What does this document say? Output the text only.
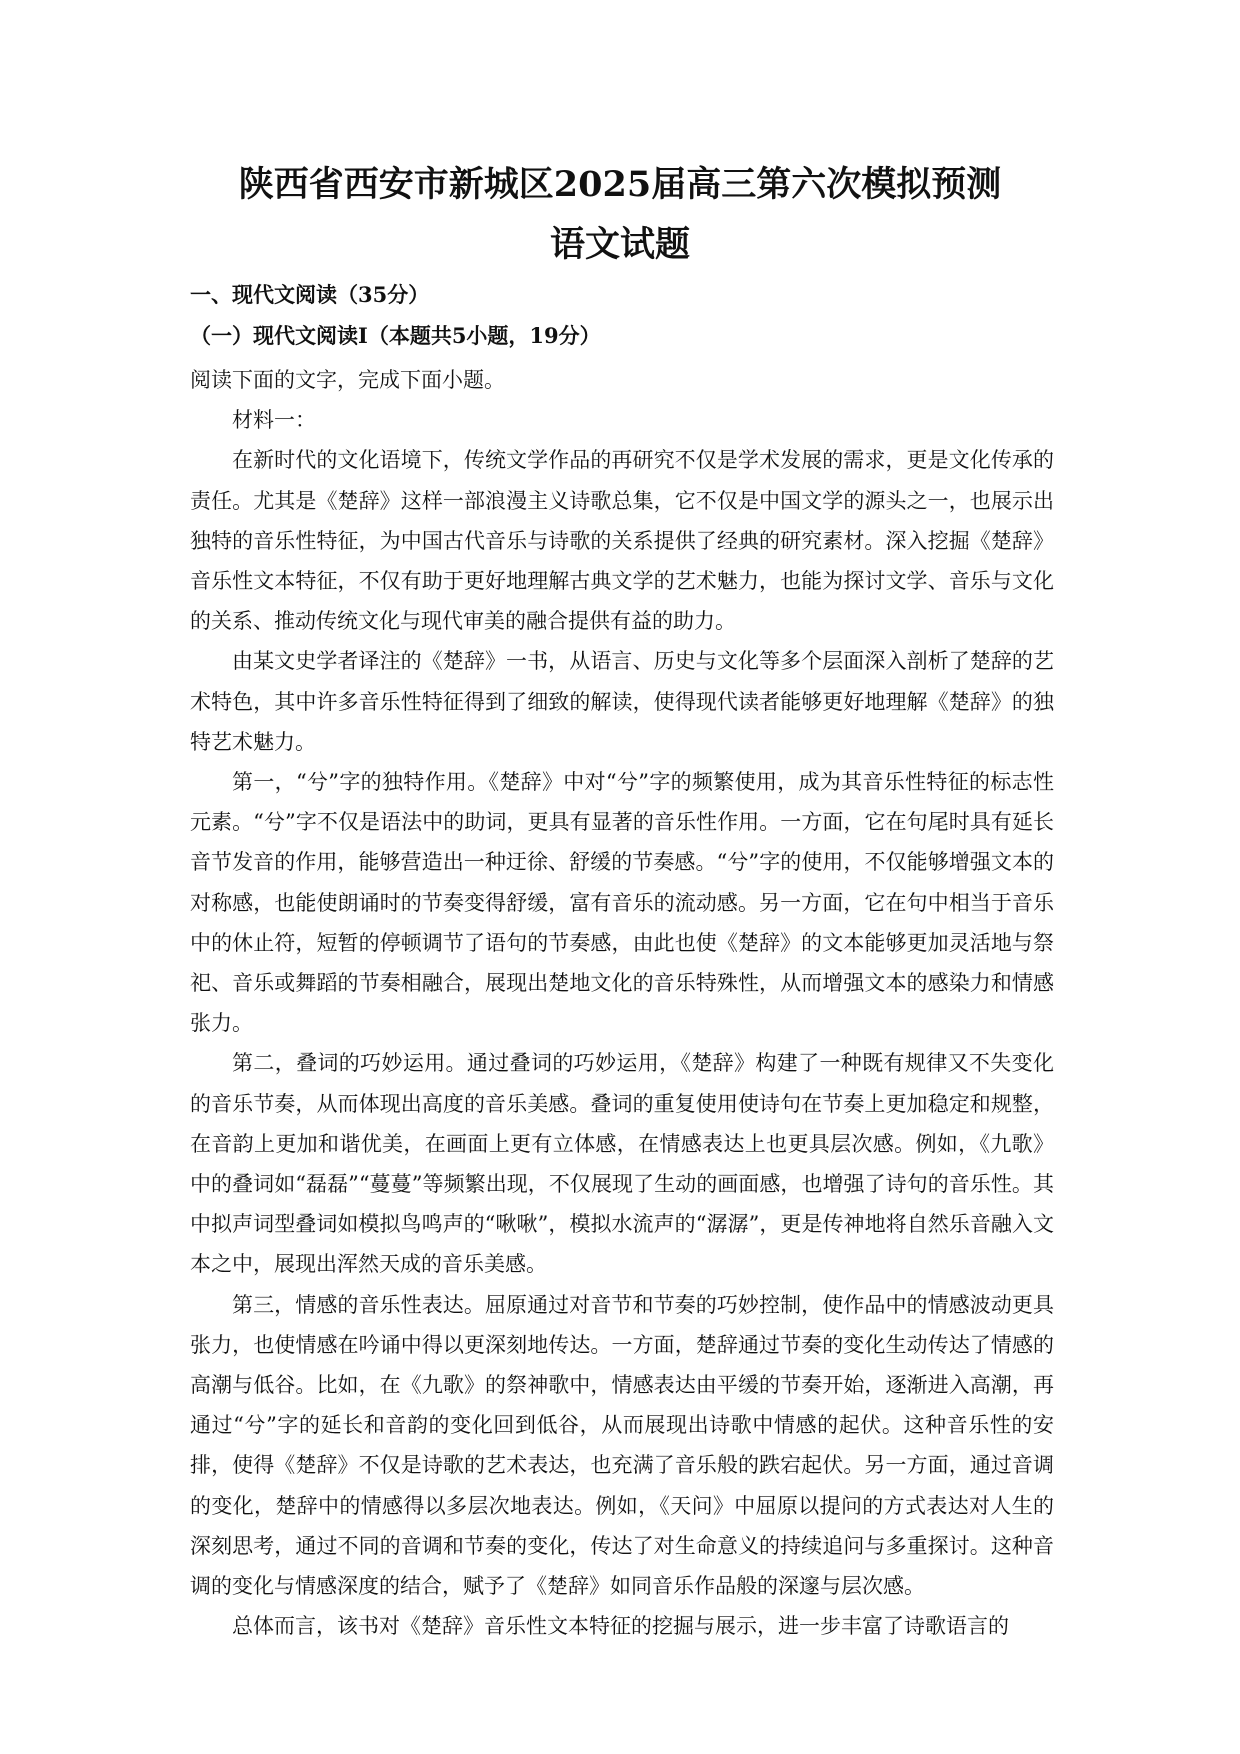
陕西省西安市新城区2025届高三第六次模拟预测
语文试题
一、现代文阅读（35分）
（一）现代文阅读I（本题共5小题，19分）

阅读下面的文字，完成下面小题。

材料一：

在新时代的文化语境下，传统文学作品的再研究不仅是学术发展的需求，更是文化传承的责任。尤其是《楚辞》这样一部浪漫主义诗歌总集，它不仅是中国文学的源头之一，也展示出独特的音乐性特征，为中国古代音乐与诗歌的关系提供了经典的研究素材。深入挖掘《楚辞》音乐性文本特征，不仅有助于更好地理解古典文学的艺术魅力，也能为探讨文学、音乐与文化的关系、推动传统文化与现代审美的融合提供有益的助力。

由某文史学者译注的《楚辞》一书，从语言、历史与文化等多个层面深入剖析了楚辞的艺术特色，其中许多音乐性特征得到了细致的解读，使得现代读者能够更好地理解《楚辞》的独特艺术魅力。

第一，“兮”字的独特作用。《楚辞》中对“兮”字的频繁使用，成为其音乐性特征的标志性元素。“兮”字不仅是语法中的助词，更具有显著的音乐性作用。一方面，它在句尾时具有延长音节发音的作用，能够营造出一种迂徐、舒缓的节奏感。“兮”字的使用，不仅能够增强文本的对称感，也能使朗诵时的节奏变得舒缓，富有音乐的流动感。另一方面，它在句中相当于音乐中的休止符，短暂的停顿调节了语句的节奏感，由此也使《楚辞》的文本能够更加灵活地与祭祀、音乐或舞蹈的节奏相融合，展现出楚地文化的音乐特殊性，从而增强文本的感染力和情感张力。

第二，叠词的巧妙运用。通过叠词的巧妙运用，《楚辞》构建了一种既有规律又不失变化的音乐节奏，从而体现出高度的音乐美感。叠词的重复使用使诗句在节奏上更加稳定和规整，在音韵上更加和谐优美，在画面上更有立体感，在情感表达上也更具层次感。例如，《九歌》中的叠词如“磊磊”“蔓蔓”等频繁出现，不仅展现了生动的画面感，也增强了诗句的音乐性。其中拟声词型叠词如模拟鸟鸣声的“啾啾”，模拟水流声的“潺潺”，更是传神地将自然乐音融入文本之中，展现出浑然天成的音乐美感。

第三，情感的音乐性表达。屈原通过对音节和节奏的巧妙控制，使作品中的情感波动更具张力，也使情感在吟诵中得以更深刻地传达。一方面，楚辞通过节奏的变化生动传达了情感的高潮与低谷。比如，在《九歌》的祭神歌中，情感表达由平缓的节奏开始，逐渐进入高潮，再通过“兮”字的延长和音韵的变化回到低谷，从而展现出诗歌中情感的起伏。这种音乐性的安排，使得《楚辞》不仅是诗歌的艺术表达，也充满了音乐般的跌宕起伏。另一方面，通过音调的变化，楚辞中的情感得以多层次地表达。例如，《天问》中屈原以提问的方式表达对人生的深刻思考，通过不同的音调和节奏的变化，传达了对生命意义的持续追问与多重探讨。这种音调的变化与情感深度的结合，赋予了《楚辞》如同音乐作品般的深邃与层次感。

总体而言，该书对《楚辞》音乐性文本特征的挖掘与展示，进一步丰富了诗歌语言的
